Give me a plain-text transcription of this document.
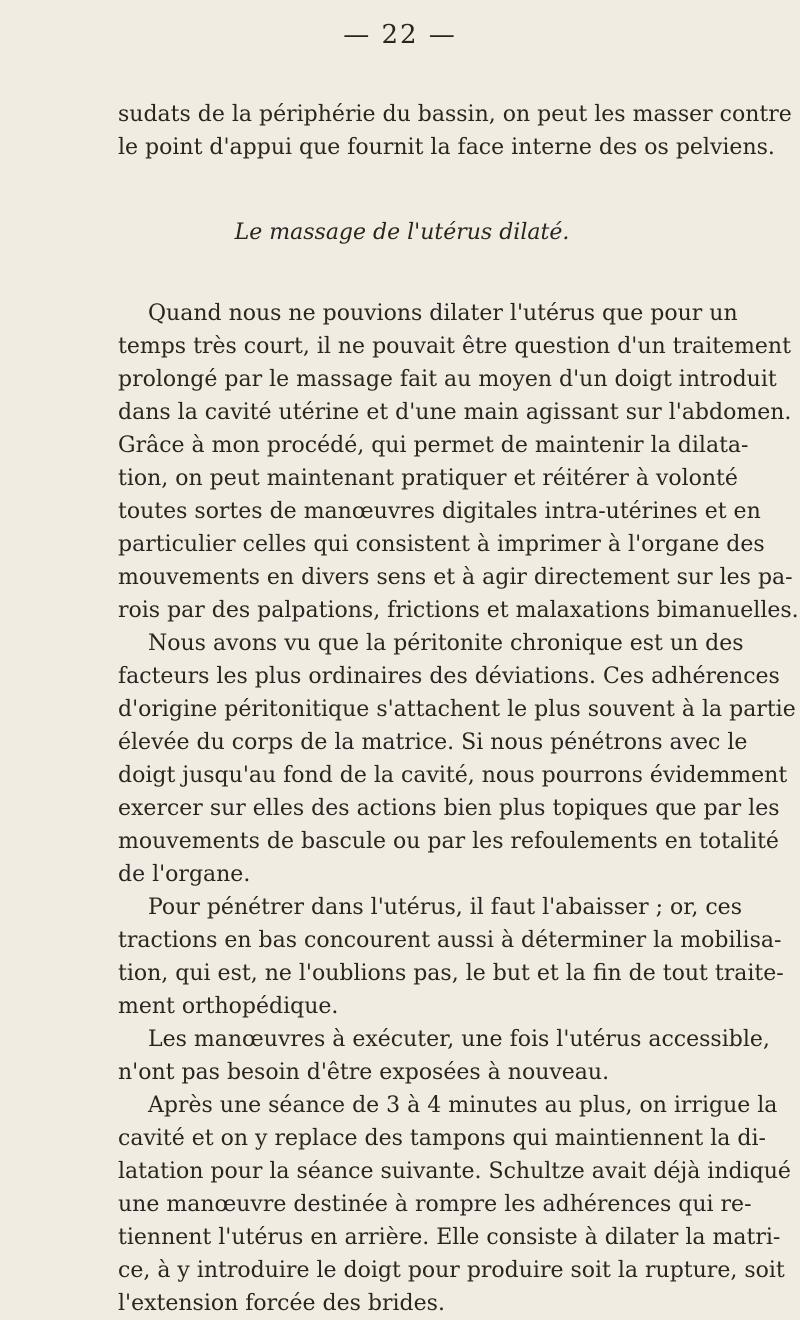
— 22 —
sudats de la périphérie du bassin, on peut les masser contre
le point d'appui que fournit la face interne des os pelviens.
Le massage de l'utérus dilaté.
Quand nous ne pouvions dilater l'utérus que pour un
temps très court, il ne pouvait être question d'un traitement
prolongé par le massage fait au moyen d'un doigt introduit
dans la cavité utérine et d'une main agissant sur l'abdomen.
Grâce à mon procédé, qui permet de maintenir la dilata-
tion, on peut maintenant pratiquer et réitérer à volonté
toutes sortes de manœuvres digitales intra-utérines et en
particulier celles qui consistent à imprimer à l'organe des
mouvements en divers sens et à agir directement sur les pa-
rois par des palpations, frictions et malaxations bimanuelles.
Nous avons vu que la péritonite chronique est un des
facteurs les plus ordinaires des déviations. Ces adhérences
d'origine péritonitique s'attachent le plus souvent à la partie
élevée du corps de la matrice. Si nous pénétrons avec le
doigt jusqu'au fond de la cavité, nous pourrons évidemment
exercer sur elles des actions bien plus topiques que par les
mouvements de bascule ou par les refoulements en totalité
de l'organe.
Pour pénétrer dans l'utérus, il faut l'abaisser ; or, ces
tractions en bas concourent aussi à déterminer la mobilisa-
tion, qui est, ne l'oublions pas, le but et la fin de tout traite-
ment orthopédique.
Les manœuvres à exécuter, une fois l'utérus accessible,
n'ont pas besoin d'être exposées à nouveau.
Après une séance de 3 à 4 minutes au plus, on irrigue la
cavité et on y replace des tampons qui maintiennent la di-
latation pour la séance suivante. Schultze avait déjà indiqué
une manœuvre destinée à rompre les adhérences qui re-
tiennent l'utérus en arrière. Elle consiste à dilater la matri-
ce, à y introduire le doigt pour produire soit la rupture, soit
l'extension forcée des brides.
